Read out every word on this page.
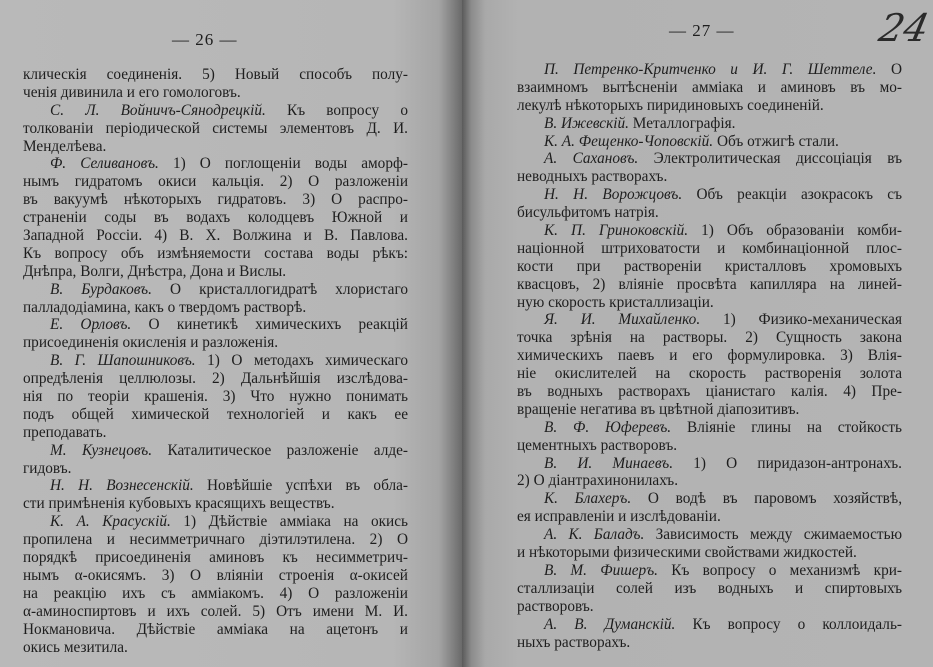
— 26 —
клическія соединенія. 5) Новый способъ полу-
ченія дивинила и его гомологовъ.
С. Л. Войничъ-Сянодрецкій. Къ вопросу о
толкованіи періодической системы элементовъ Д. И.
Менделѣева.
Ф. Селивановъ. 1) О поглощеніи воды аморф-
нымъ гидратомъ окиси кальція. 2) О разложеніи
въ вакуумѣ нѣкоторыхъ гидратовъ. 3) О распро-
страненіи соды въ водахъ колодцевъ Южной и
Западной Россіи. 4) В. Х. Волжина и В. Павлова.
Къ вопросу объ измѣняемости состава воды рѣкъ:
Днѣпра, Волги, Днѣстра, Дона и Вислы.
В. Бурдаковъ. О кристаллогидратѣ хлористаго
палладодіамина, какъ о твердомъ растворѣ.
Е. Орловъ. О кинетикѣ химическихъ реакцій
присоединенія окисленія и разложенія.
В. Г. Шапошниковъ. 1) О методахъ химическаго
опредѣленія целлюлозы. 2) Дальнѣйшія изслѣдова-
нія по теоріи крашенія. 3) Что нужно понимать
подъ общей химической технологіей и какъ ее
преподавать.
М. Кузнецовъ. Каталитическое разложеніе алде-
гидовъ.
Н. Н. Вознесенскій. Новѣйшіе успѣхи въ обла-
сти примѣненія кубовыхъ красящихъ веществъ.
К. А. Красускій. 1) Дѣйствіе амміака на окись
пропилена и несимметричнаго діэтилэтилена. 2) О
порядкѣ присоединенія аминовъ къ несимметрич-
нымъ α-окисямъ. 3) О вліяніи строенія α-окисей
на реакцію ихъ съ амміакомъ. 4) О разложеніи
α-аминоспиртовъ и ихъ солей. 5) Отъ имени М. И.
Нокмановича. Дѣйствіе амміака на ацетонъ и
окись мезитила.
— 27 —	24
П. Петренко-Критченко и И. Г. Шеттеле. О
взаимномъ вытѣсненіи амміака и аминовъ въ мо-
лекулѣ нѣкоторыхъ пиридиновыхъ соединеній.
В. Ижевскій. Металлографія.
К. А. Фещенко-Чоповскій. Объ отжигѣ стали.
А. Сахановъ. Электролитическая диссоціація въ
неводныхъ растворахъ.
Н. Н. Ворожцовъ. Объ реакціи азокрасокъ съ
бисульфитомъ натрія.
К. П. Гриноковскій. 1) Объ образованіи комби-
націонной штриховатости и комбинаціонной плос-
кости при раствореніи кристалловъ хромовыхъ
квасцовъ, 2) вліяніе просвѣта капилляра на линей-
ную скорость кристаллизаціи.
Я. И. Михайленко. 1) Физико-механическая
точка зрѣнія на растворы. 2) Сущность закона
химическихъ паевъ и его формулировка. 3) Влія-
ніе окислителей на скорость растворенія золота
въ водныхъ растворахъ ціанистаго калія. 4) Пре-
вращеніе негатива въ цвѣтной діапозитивъ.
В. Ф. Юферевъ. Вліяніе глины на стойкость
цементныхъ растворовъ.
В. И. Минаевъ. 1) О пиридазон-антронахъ.
2) О діантрахинонилахъ.
К. Блахеръ. О водѣ въ паровомъ хозяйствѣ,
ея исправленіи и изслѣдованіи.
А. К. Баладъ. Зависимость между сжимаемостью
и нѣкоторыми физическими свойствами жидкостей.
В. М. Фишеръ. Къ вопросу о механизмѣ кри-
сталлизаціи солей изъ водныхъ и спиртовыхъ
растворовъ.
А. В. Думанскій. Къ вопросу о коллоидаль-
ныхъ растворахъ.
